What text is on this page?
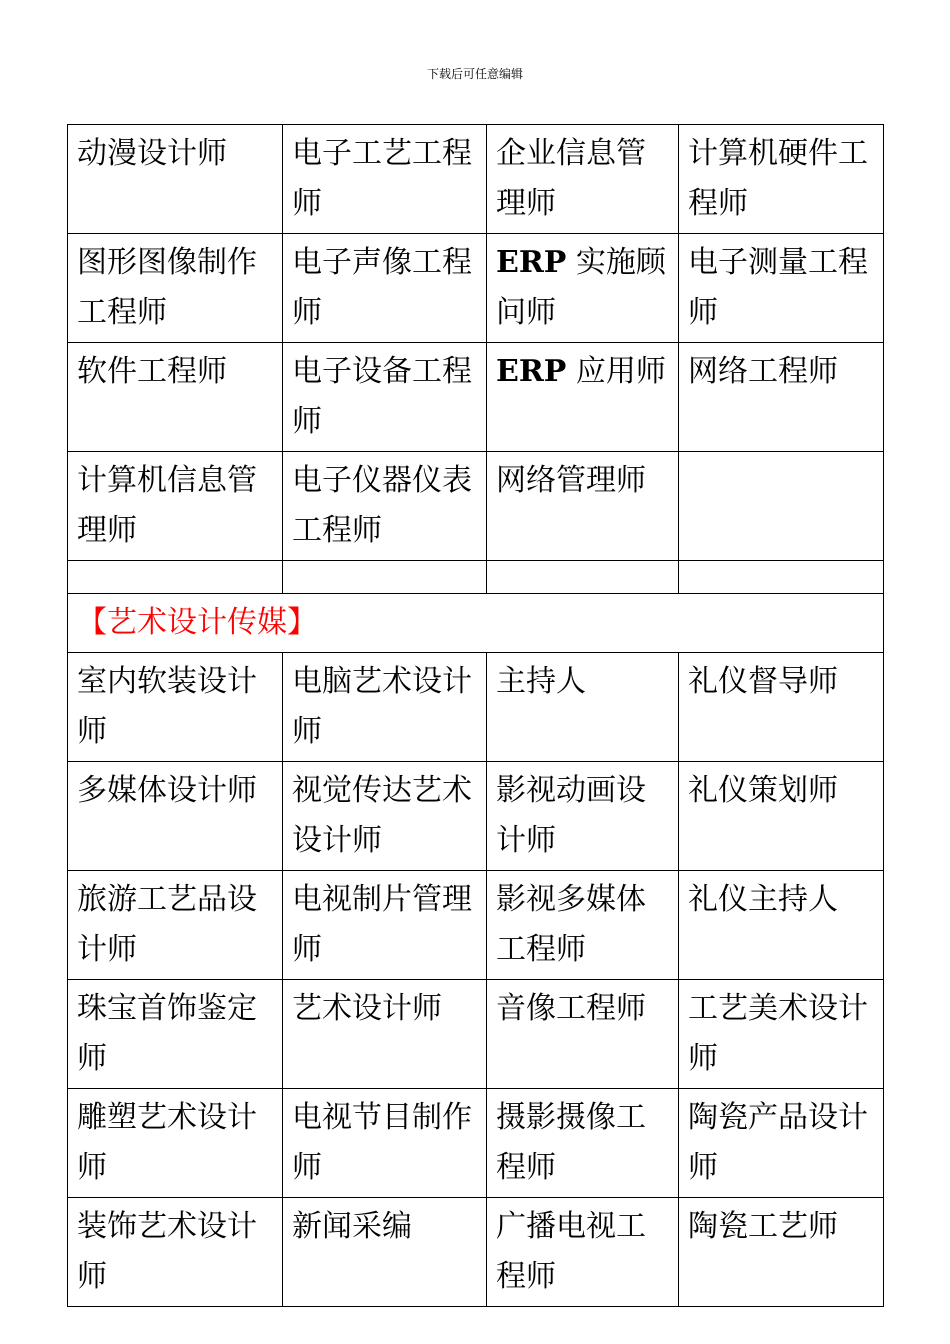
下载后可任意编辑
动漫设计师	电子工艺工程师	企业信息管理师	计算机硬件工程师
图形图像制作工程师	电子声像工程师	ERP 实施顾问师	电子测量工程师
软件工程师	电子设备工程师	ERP 应用师	网络工程师
计算机信息管理师	电子仪器仪表工程师	网络管理师	

【艺术设计传媒】			
室内软装设计师	电脑艺术设计师	主持人	礼仪督导师
多媒体设计师	视觉传达艺术设计师	影视动画设计师	礼仪策划师
旅游工艺品设计师	电视制片管理师	影视多媒体工程师	礼仪主持人
珠宝首饰鉴定师	艺术设计师	音像工程师	工艺美术设计师
雕塑艺术设计师	电视节目制作师	摄影摄像工程师	陶瓷产品设计师
装饰艺术设计师	新闻采编	广播电视工程师	陶瓷工艺师
